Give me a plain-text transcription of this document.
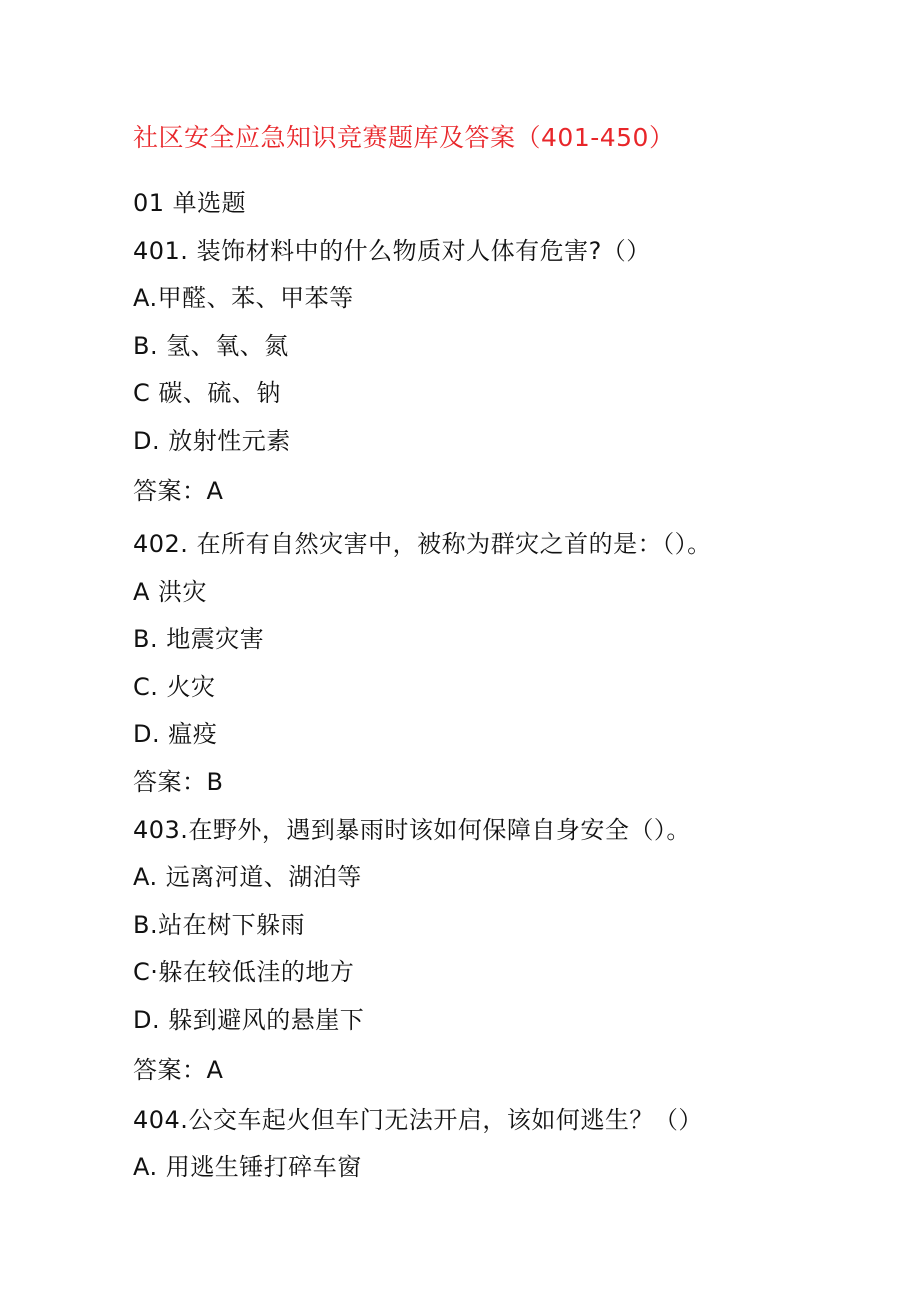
社区安全应急知识竞赛题库及答案（401-450）
01 单选题
401. 装饰材料中的什么物质对人体有危害?（）
A.甲醛、苯、甲苯等
B. 氢、氧、氮
C 碳、硫、钠
D. 放射性元素
答案：A
402. 在所有自然灾害中，被称为群灾之首的是：（）。
A 洪灾
B. 地震灾害
C. 火灾
D. 瘟疫
答案：B
403.在野外，遇到暴雨时该如何保障自身安全（）。
A. 远离河道、湖泊等
B.站在树下躲雨
C·躲在较低洼的地方
D. 躲到避风的悬崖下
答案：A
404.公交车起火但车门无法开启，该如何逃生？（）
A. 用逃生锤打碎车窗
